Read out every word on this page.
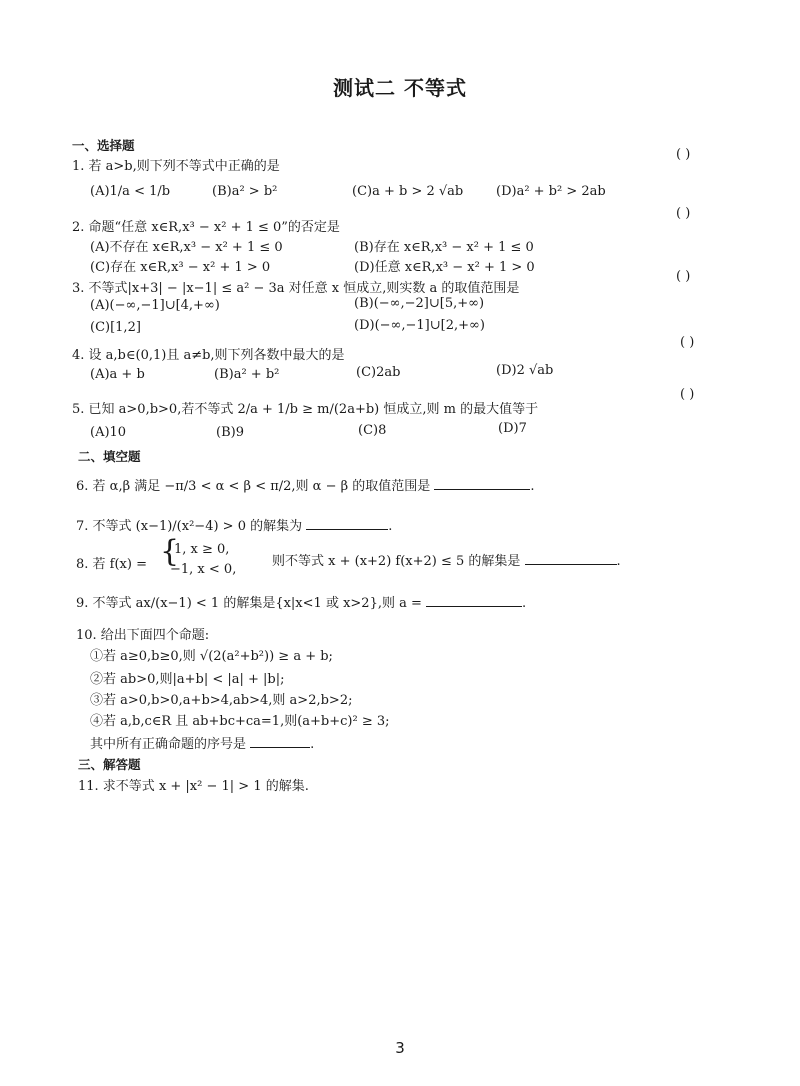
测试二 不等式
一、选择题
1. 若 a>b,则下列不等式中正确的是
( )
(A)1/a < 1/b	(B)a² > b²	(C)a + b > 2 √ab	(D)a² + b² > 2ab
2. 命题“任意 x∈R,x³ − x² + 1 ≤ 0”的否定是
( )
(A)不存在 x∈R,x³ − x² + 1 ≤ 0	(B)存在 x∈R,x³ − x² + 1 ≤ 0
(C)存在 x∈R,x³ − x² + 1 > 0	(D)任意 x∈R,x³ − x² + 1 > 0
3. 不等式|x+3| − |x−1| ≤ a² − 3a 对任意 x 恒成立,则实数 a 的取值范围是
( )
(A)(−∞,−1]∪[4,+∞)	(B)(−∞,−2]∪[5,+∞)
(C)[1,2]	(D)(−∞,−1]∪[2,+∞)
4. 设 a,b∈(0,1)且 a≠b,则下列各数中最大的是
( )
(A)a + b	(B)a² + b²	(C)2ab	(D)2 √ab
5. 已知 a>0,b>0,若不等式 2/a + 1/b ≥ m/(2a+b) 恒成立,则 m 的最大值等于
( )
(A)10	(B)9	(C)8	(D)7
二、填空题
6. 若 α,β 满足 −π/3 < α < β < π/2,则 α − β 的取值范围是	.
7. 不等式 (x−1)/(x²−4) > 0 的解集为	.
8. 若 f(x) = {
1, x ≥ 0,
−1, x < 0,
则不等式 x + (x+2) f(x+2) ≤ 5 的解集是	.
9. 不等式 ax/(x−1) < 1 的解集是{x|x<1 或 x>2},则 a =	.
10. 给出下面四个命题:
①若 a≥0,b≥0,则 √(2(a²+b²)) ≥ a + b;
②若 ab>0,则|a+b| < |a| + |b|;
③若 a>0,b>0,a+b>4,ab>4,则 a>2,b>2;
④若 a,b,c∈R 且 ab+bc+ca=1,则(a+b+c)² ≥ 3;
其中所有正确命题的序号是	.
三、解答题
11. 求不等式 x + |x² − 1| > 1 的解集.
3
